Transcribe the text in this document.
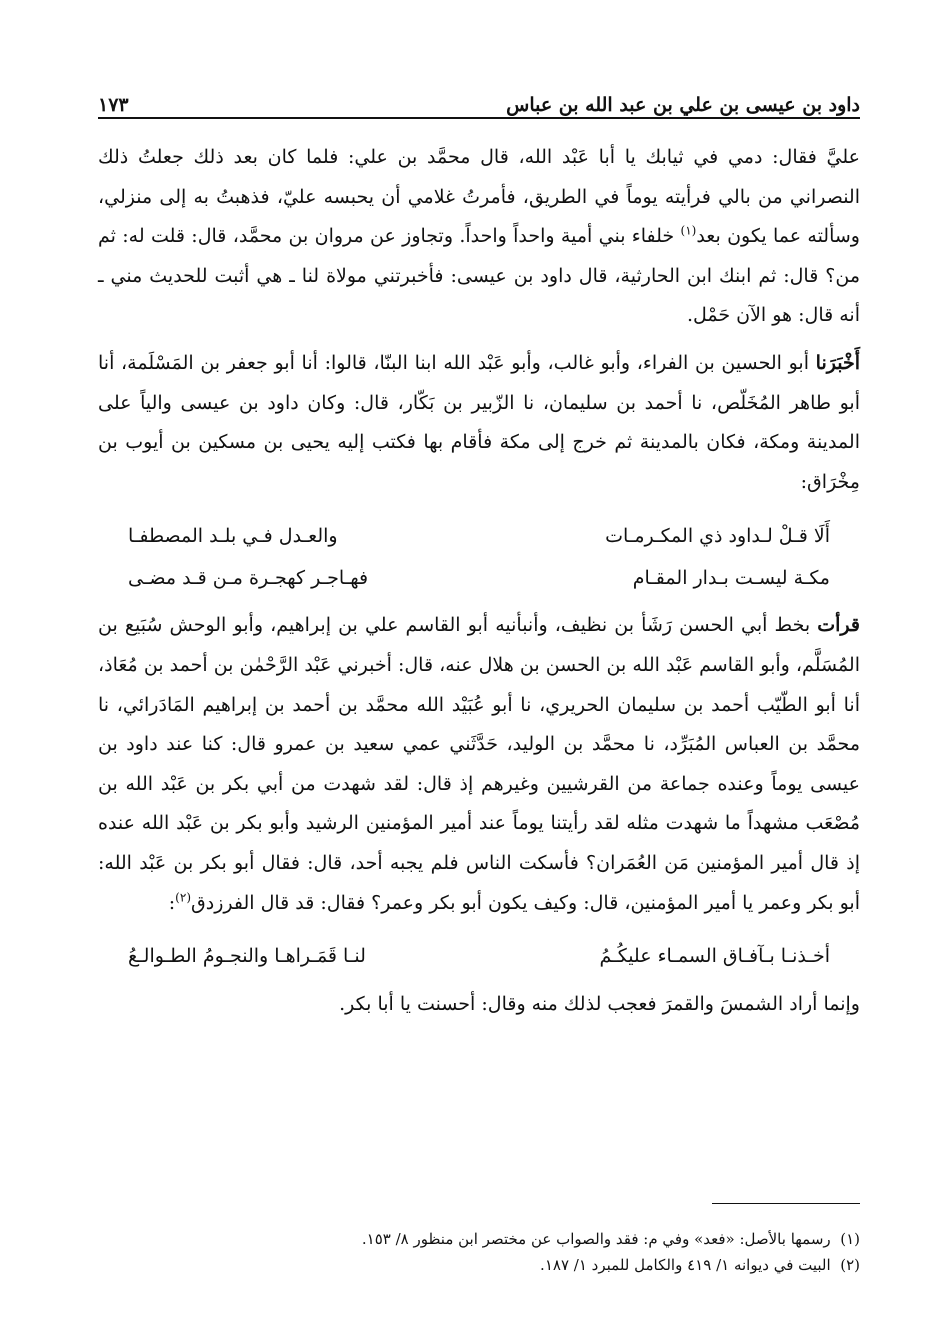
داود بن عيسى بن علي بن عبد الله بن عباس
١٧٣

عليَّ فقال: دمي في ثيابك يا أبا عَبْد الله، قال محمَّد بن علي: فلما كان بعد ذلك جعلتُ ذلك النصراني من بالي فرأيته يوماً في الطريق، فأمرتُ غلامي أن يحبسه عليّ، فذهبتُ به إلى منزلي، وسألته عما يكون بعد$^{(١)}$ خلفاء بني أمية واحداً واحداً. وتجاوز عن مروان بن محمَّد، قال: قلت له: ثم من؟ قال: ثم ابنك ابن الحارثية، قال داود بن عيسى: فأخبرتني مولاة لنا ـ هي أثبت للحديث مني ـ أنه قال: هو الآن حَمْل.

أَخْبَرَنا أبو الحسين بن الفراء، وأبو غالب، وأبو عَبْد الله ابنا البنّا، قالوا: أنا أبو جعفر بن المَسْلَمة، أنا أبو طاهر المُخَلّص، نا أحمد بن سليمان، نا الزّبير بن بَكّار، قال: وكان داود بن عيسى والياً على المدينة ومكة، فكان بالمدينة ثم خرج إلى مكة فأقام بها فكتب إليه يحيى بن مسكين بن أيوب بن مِخْرَاق:

أَلَا قـلْ لـداود ذي المكـرمـات
والعـدل فـي بلـد المصطفـا
مكـة ليسـت بـدار المقـام
فهـاجـر كهجـرة مـن قـد مضـى

قرأت بخط أبي الحسن رَشَأ بن نظيف، وأنبأنيه أبو القاسم علي بن إبراهيم، وأبو الوحش سُبَيع بن المُسَلَّم، وأبو القاسم عَبْد الله بن الحسن بن هلال عنه، قال: أخبرني عَبْد الرَّحْمٰن بن أحمد بن مُعَاذ، أنا أبو الطّيّب أحمد بن سليمان الحريري، نا أبو عُبَيْد الله محمَّد بن أحمد بن إبراهيم المَادَرائي، نا محمَّد بن العباس المُبَرِّد، نا محمَّد بن الوليد، حَدَّثَني عمي سعيد بن عمرو قال: كنا عند داود بن عيسى يوماً وعنده جماعة من القرشيين وغيرهم إذ قال: لقد شهدت من أبي بكر بن عَبْد الله بن مُصْعَب مشهداً ما شهدت مثله لقد رأيتنا يوماً عند أمير المؤمنين الرشيد وأبو بكر بن عَبْد الله عنده إذ قال أمير المؤمنين مَن العُمَران؟ فأسكت الناس فلم يجبه أحد، قال: فقال أبو بكر بن عَبْد الله: أبو بكر وعمر يا أمير المؤمنين، قال: وكيف يكون أبو بكر وعمر؟ فقال: قد قال الفرزدق$^{(٢)}$:

أخـذنـا بـآفـاق السمـاء عليكُـمُ
لنـا قَمَـراهـا والنجـومُ الطـوالـعُ

وإنما أراد الشمسَ والقمرَ فعجب لذلك منه وقال: أحسنت يا أبا بكر.

(١)  رسمها بالأصل: «فعد» وفي م: فقد والصواب عن مختصر ابن منظور ٨/ ١٥٣.

(٢)  البيت في ديوانه ١/ ٤١٩ والكامل للمبرد ١/ ١٨٧.
